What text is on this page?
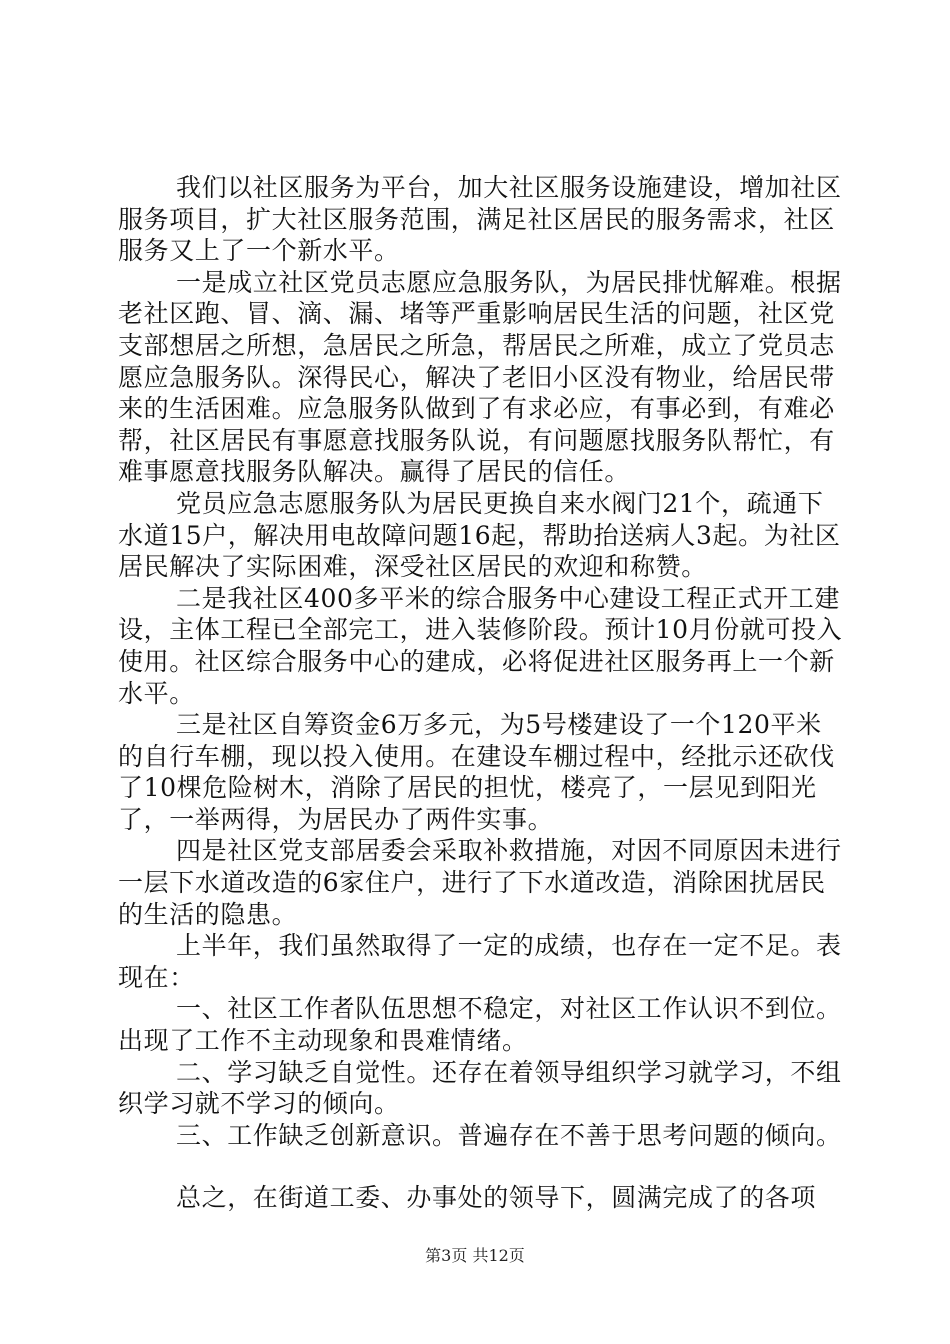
我们以社区服务为平台，加大社区服务设施建设，增加社区服务项目，扩大社区服务范围，满足社区居民的服务需求，社区服务又上了一个新水平。

一是成立社区党员志愿应急服务队，为居民排忧解难。根据老社区跑、冒、滴、漏、堵等严重影响居民生活的问题，社区党支部想居之所想，急居民之所急，帮居民之所难，成立了党员志愿应急服务队。深得民心，解决了老旧小区没有物业，给居民带来的生活困难。应急服务队做到了有求必应，有事必到，有难必帮，社区居民有事愿意找服务队说，有问题愿找服务队帮忙，有难事愿意找服务队解决。赢得了居民的信任。

党员应急志愿服务队为居民更换自来水阀门21个，疏通下水道15户，解决用电故障问题16起，帮助抬送病人3起。为社区居民解决了实际困难，深受社区居民的欢迎和称赞。

二是我社区400多平米的综合服务中心建设工程正式开工建设，主体工程已全部完工，进入装修阶段。预计10月份就可投入使用。社区综合服务中心的建成，必将促进社区服务再上一个新水平。

三是社区自筹资金6万多元，为5号楼建设了一个120平米的自行车棚，现以投入使用。在建设车棚过程中，经批示还砍伐了10棵危险树木，消除了居民的担忧，楼亮了，一层见到阳光了，一举两得，为居民办了两件实事。

四是社区党支部居委会采取补救措施，对因不同原因未进行一层下水道改造的6家住户，进行了下水道改造，消除困扰居民的生活的隐患。

上半年，我们虽然取得了一定的成绩，也存在一定不足。表现在：

一、社区工作者队伍思想不稳定，对社区工作认识不到位。出现了工作不主动现象和畏难情绪。

二、学习缺乏自觉性。还存在着领导组织学习就学习，不组织学习就不学习的倾向。

三、工作缺乏创新意识。普遍存在不善于思考问题的倾向。

总之，在街道工委、办事处的领导下，圆满完成了的各项

第3页 共12页
